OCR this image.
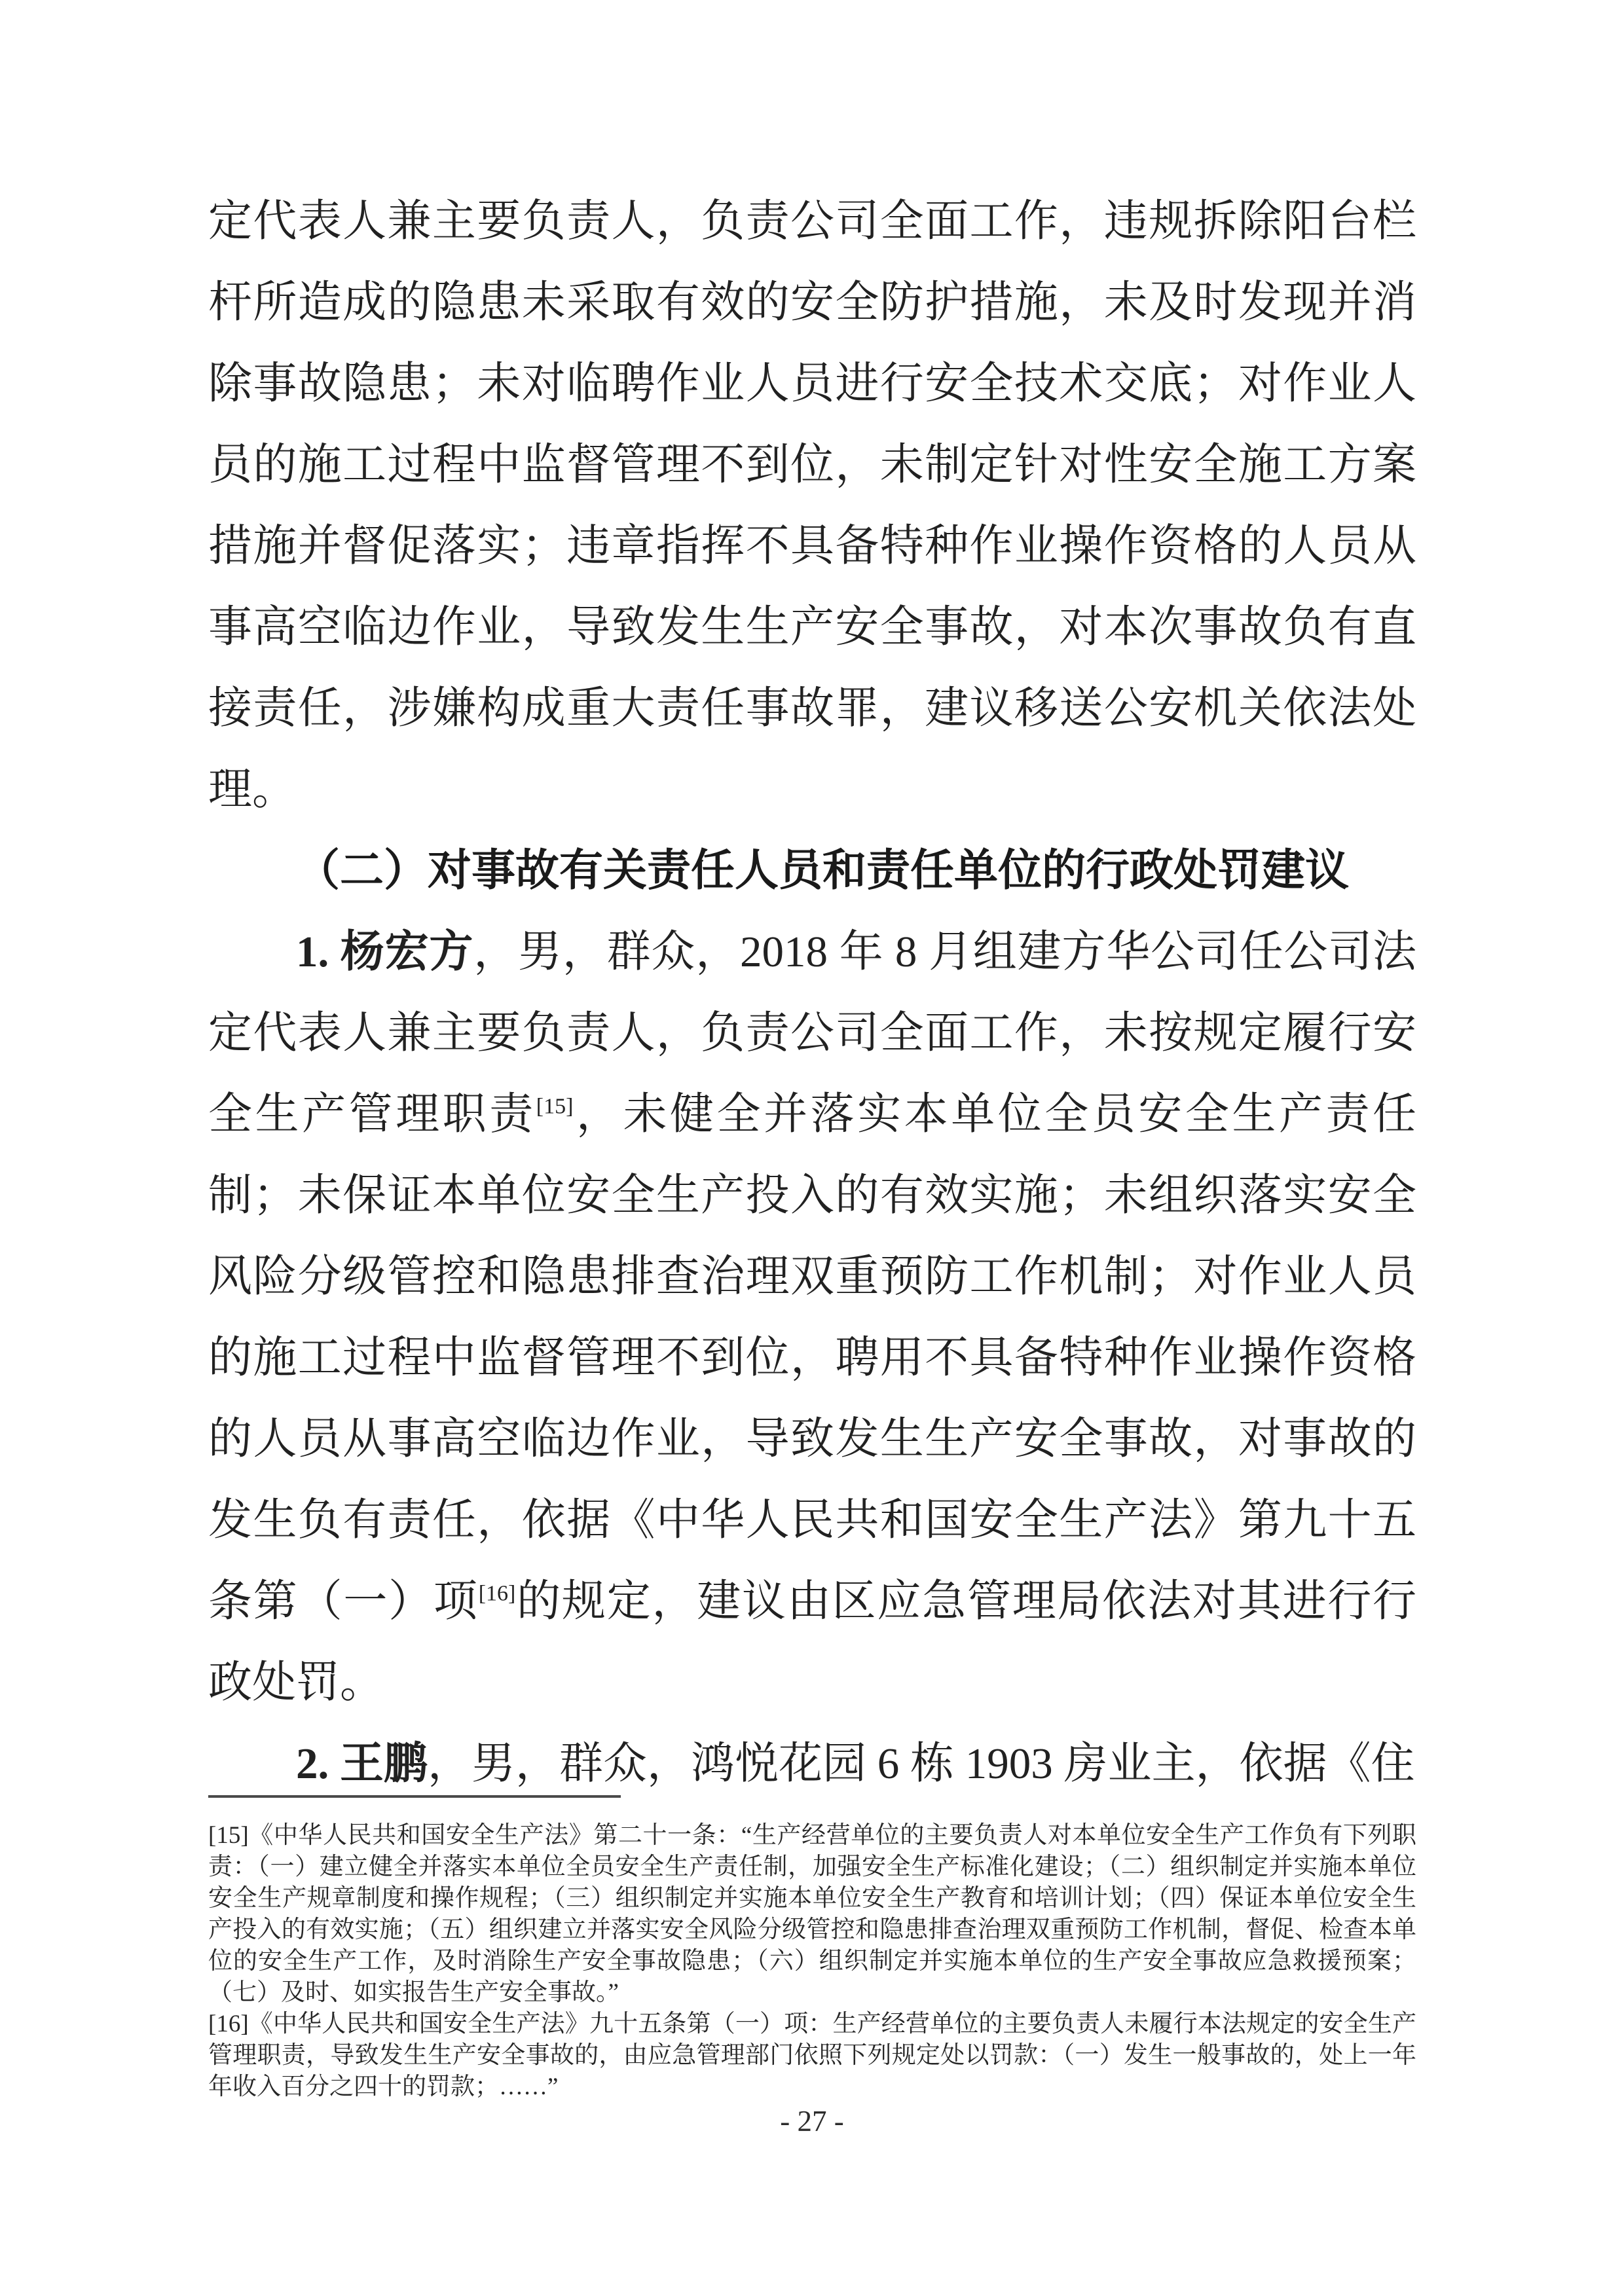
定代表人兼主要负责人，负责公司全面工作，违规拆除阳台栏杆所造成的隐患未采取有效的安全防护措施，未及时发现并消除事故隐患；未对临聘作业人员进行安全技术交底；对作业人员的施工过程中监督管理不到位，未制定针对性安全施工方案措施并督促落实；违章指挥不具备特种作业操作资格的人员从事高空临边作业，导致发生生产安全事故，对本次事故负有直接责任，涉嫌构成重大责任事故罪，建议移送公安机关依法处理。

（二）对事故有关责任人员和责任单位的行政处罚建议

1. 杨宏方，男，群众，2018 年 8 月组建方华公司任公司法定代表人兼主要负责人，负责公司全面工作，未按规定履行安全生产管理职责[15]，未健全并落实本单位全员安全生产责任制；未保证本单位安全生产投入的有效实施；未组织落实安全风险分级管控和隐患排查治理双重预防工作机制；对作业人员的施工过程中监督管理不到位，聘用不具备特种作业操作资格的人员从事高空临边作业，导致发生生产安全事故，对事故的发生负有责任，依据《中华人民共和国安全生产法》第九十五条第（一）项[16]的规定，建议由区应急管理局依法对其进行行政处罚。

2. 王鹏，男，群众，鸿悦花园 6 栋 1903 房业主，依据《住

[15]《中华人民共和国安全生产法》第二十一条：“生产经营单位的主要负责人对本单位安全生产工作负有下列职责：（一）建立健全并落实本单位全员安全生产责任制，加强安全生产标准化建设；（二）组织制定并实施本单位安全生产规章制度和操作规程；（三）组织制定并实施本单位安全生产教育和培训计划；（四）保证本单位安全生产投入的有效实施；（五）组织建立并落实安全风险分级管控和隐患排查治理双重预防工作机制，督促、检查本单位的安全生产工作，及时消除生产安全事故隐患；（六）组织制定并实施本单位的生产安全事故应急救援预案；（七）及时、如实报告生产安全事故。”

[16]《中华人民共和国安全生产法》九十五条第（一）项：生产经营单位的主要负责人未履行本法规定的安全生产管理职责，导致发生生产安全事故的，由应急管理部门依照下列规定处以罚款：（一）发生一般事故的，处上一年年收入百分之四十的罚款；……”

- 27 -
